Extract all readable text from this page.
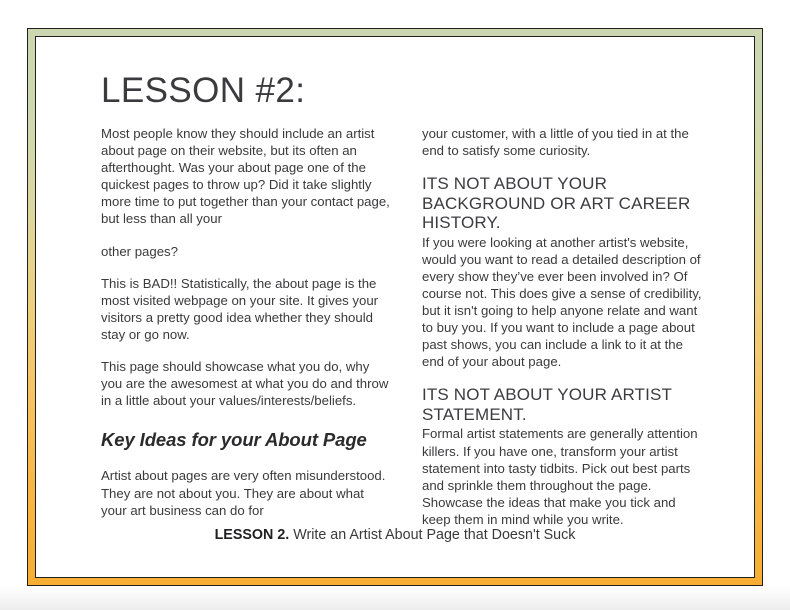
LESSON #2:

Most people know they should include an artist about page on their website, but its often an afterthought. Was your about page one of the quickest pages to throw up? Did it take slightly more time to put together than your contact page, but less than all your

other pages?

This is BAD!! Statistically, the about page is the most visited webpage on your site. It gives your visitors a pretty good idea whether they should stay or go now.

This page should showcase what you do, why you are the awesomest at what you do and throw in a little about your values/interests/beliefs.

Key Ideas for your About Page

Artist about pages are very often misunderstood. They are not about you. They are about what your art business can do for

your customer, with a little of you tied in at the end to satisfy some curiosity.

ITS NOT ABOUT YOUR BACKGROUND OR ART CAREER HISTORY.

If you were looking at another artist's website, would you want to read a detailed description of every show they’ve ever been involved in? Of course not. This does give a sense of credibility, but it isn't going to help anyone relate and want to buy you. If you want to include a page about past shows, you can include a link to it at the end of your about page.

ITS NOT ABOUT YOUR ARTIST STATEMENT.

Formal artist statements are generally attention killers. If you have one, transform your artist statement into tasty tidbits. Pick out best parts and sprinkle them throughout the page. Showcase the ideas that make you tick and keep them in mind while you write.

LESSON 2. Write an Artist About Page that Doesn't Suck
